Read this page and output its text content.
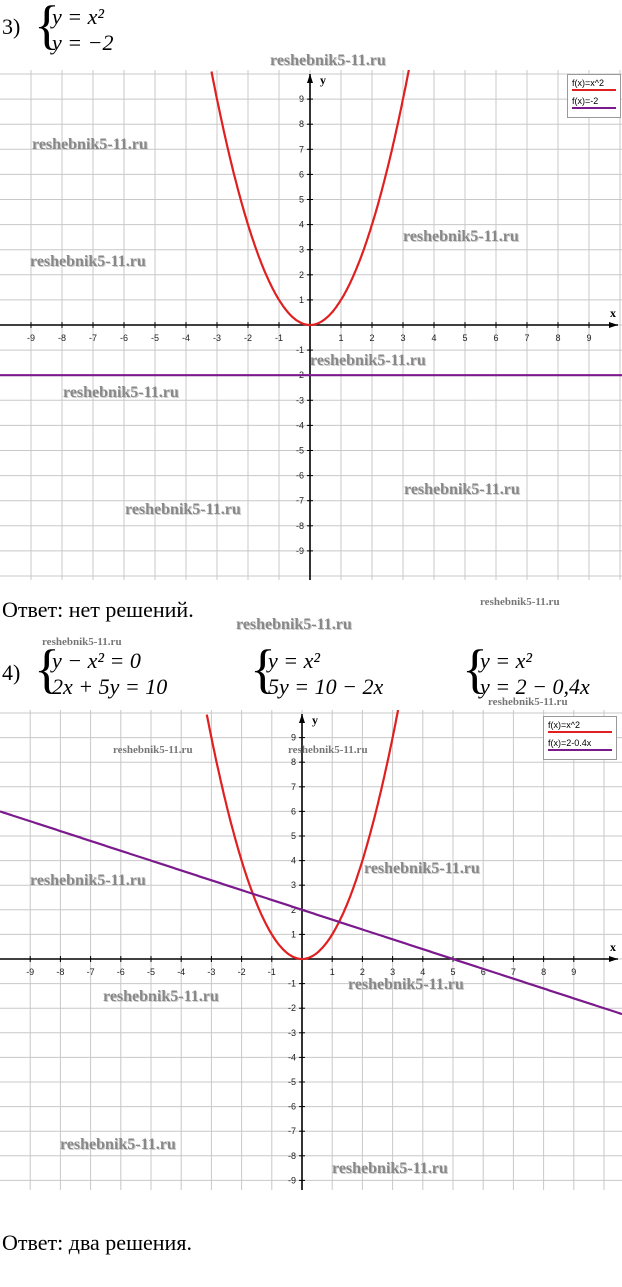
3) {
y = x²
y = −2
x
y
-9	-8	-7	-6	-5	-4	-3	-2	-1	1	2	3	4	5	6	7	8	9
-9
-8
-7
-6
-5
-4
-3
-2
-1
1
2
3
4
5
6
7
8
9
f(x)=x^2
f(x)=-2
Ответ: нет решений.
4) {
y − x² = 0
2x + 5y = 10 {
y = x²
5y = 10 − 2x {
y = x²
y = 2 − 0,4x
x
y
-9 -8 -7 -6 -5 -4 -3 -2 -1	1	2	3	4	5	6	7	8	9
-9
-8
-7
-6
-5
-4
-3
-2
-1
1
2
3
4
5
6
7
8
9
f(x)=x^2
f(x)=2-0.4x
Ответ: два решения.
reshebnik5-11.ru
reshebnik5-11.ru
reshebnik5-11.ru
reshebnik5-11.ru
reshebnik5-11.ru
reshebnik5-11.ru
reshebnik5-11.ru
reshebnik5-11.ru
reshebnik5-11.ru
reshebnik5-11.ru
reshebnik5-11.ru
reshebnik5-11.ru
reshebnik5-11.ru	reshebnik5-11.ru
reshebnik5-11.ru
reshebnik5-11.ru
reshebnik5-11.ru
reshebnik5-11.ru
reshebnik5-11.ru
reshebnik5-11.ru
